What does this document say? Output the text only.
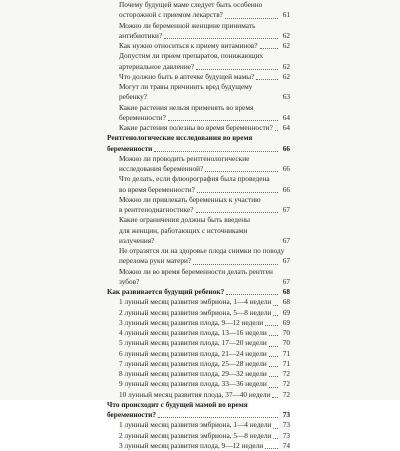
Почему будущей маме следует быть особенно
осторожной с приемом лекарств?	61
Можно ли беременной женщине принимать
антибиотики?	62
Как нужно относиться к приему витаминов?	62
Допустим ли прием препаратов, понижающих
артериальное давление?	62
Что должно быть в аптечке будущей мамы?	62
Могут ли травы причинить вред будущему ребенку?	63
Какие растения нельзя применять во время
беременности?	64
Какие растения полезны во время беременности?	64
Рентгенологические исследования во время
беременности	66
Можно ли проводить рентгенологические
исследования беременной?	66
Что делать, если флюорография была проведена
во время беременности?	66
Можно ли привлекать беременных к участию
в рентгенодиагностике?	67
Какие ограничения должны быть введены
для женщин, работающих с источниками излучения?	67
Не отразятся ли на здоровье плода снимки по поводу
перелома руки матери?	67
Можно ли во время беременности делать рентген зубов?	67
Как развивается будущий ребенок?	68
1 лунный месяц развития эмбриона, 1—4 недели	68
2 лунный месяц развития эмбриона, 5—8 недели	69
3 лунный месяц развития плода, 9—12 недели	69
4 лунный месяц развития плода, 13—16 недели	70
5 лунный месяц развития плода, 17—20 недели	70
6 лунный месяц развития плода, 21—24 недели	71
7 лунный месяц развития плода, 25—28 недели	71
8 лунный месяц развития плода, 29—32 недели	72
9 лунный месяц развития плода, 33—36 недели	72
10 лунный месяц развития плода, 37—40 недели	72
Что происходит с будущей мамой во время
беременности?	73
1 лунный месяц развития эмбриона, 1—4 недели	73
2 лунный месяц развития эмбриона, 5—8 недели	73
3 лунный месяц развития плода, 9—12 недели	74
